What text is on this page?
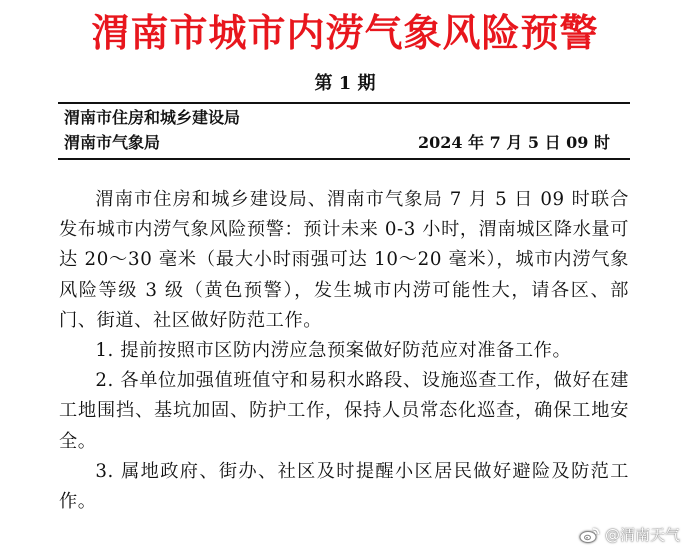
渭南市城市内涝气象风险预警
第 1 期
渭南市住房和城乡建设局
渭南市气象局	2024 年 7 月 5 日 09 时

渭南市住房和城乡建设局、渭南市气象局 7 月 5 日 09 时联合发布城市内涝气象风险预警：预计未来 0-3 小时，渭南城区降水量可达 20～30 毫米（最大小时雨强可达 10～20 毫米），城市内涝气象风险等级 3 级（黄色预警），发生城市内涝可能性大，请各区、部门、街道、社区做好防范工作。

1. 提前按照市区防内涝应急预案做好防范应对准备工作。

2. 各单位加强值班值守和易积水路段、设施巡查工作，做好在建工地围挡、基坑加固、防护工作，保持人员常态化巡查，确保工地安全。

3. 属地政府、街办、社区及时提醒小区居民做好避险及防范工作。

@渭南天气
